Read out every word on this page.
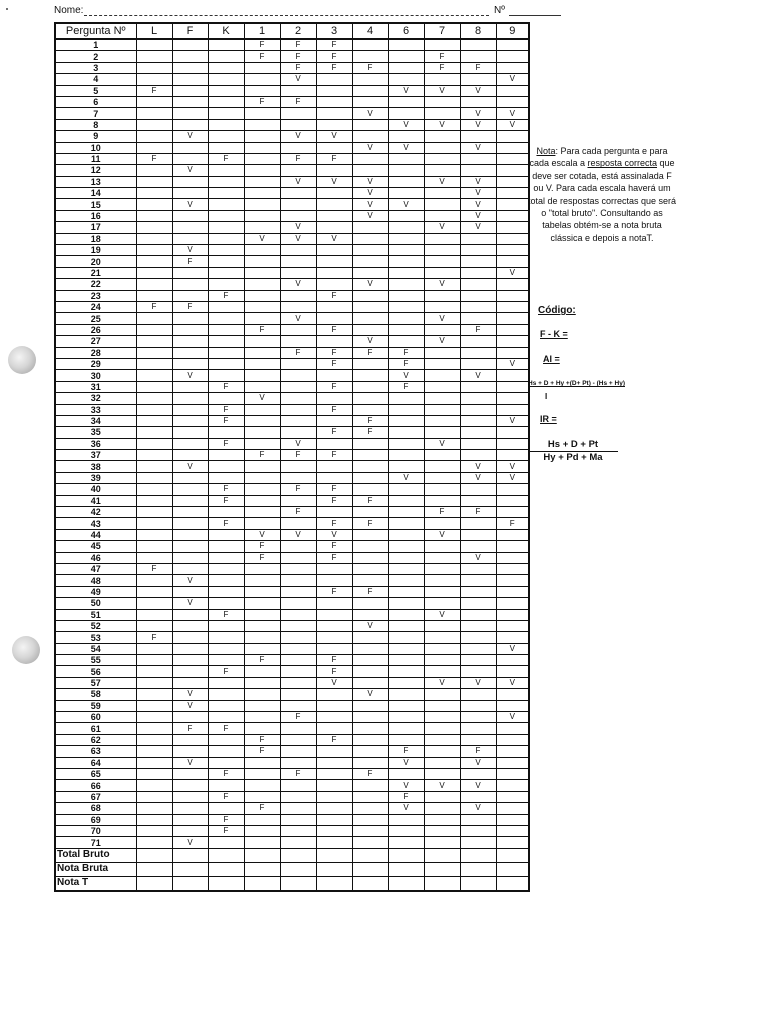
Nome:	Nº
Pergunta Nº	L	F	K	1	2	3	4	6	7	8	9
1				F	F	F					
2				F	F	F			F		
3					F	F	F		F	F	
4					V						V
5	F							V	V	V	
6				F	F						
7							V			V	V
8								V	V	V	V
9		V			V	V					
10							V	V		V	
11	F		F		F	F					
12		V									
13					V	V	V		V	V	
14							V			V	
15		V					V	V		V	
16							V			V	
17					V				V	V	
18				V	V	V					
19		V									
20		F									
21											V
22					V		V		V		
23			F			F					
24	F	F									
25					V				V		
26				F		F				F	
27							V		V		
28					F	F	F	F			
29						F		F			V
30		V						V		V	
31			F			F		F			
32				V							
33			F			F					
34			F				F				V
35						F	F				
36			F		V				V		
37				F	F	F					
38		V								V	V
39								V		V	V
40			F		F	F					
41			F			F	F				
42					F				F	F	
43			F			F	F				F
44				V	V	V			V		
45				F		F					
46				F		F				V	
47	F										
48		V									
49						F	F				
50		V									
51			F						V		
52							V				
53	F										
54											V
55				F		F					
56			F			F					
57						V			V	V	V
58		V					V				
59		V									
60					F						V
61		F	F								
62				F		F					
63				F				F		F	
64		V						V		V	
65			F		F		F				
66								V	V	V	
67			F					F			
68				F				V		V	
69			F								
70			F								
71		V									
Total Bruto											
Nota Bruta											
Nota T											
Nota: Para cada pergunta e para cada escala a resposta correcta que deve ser cotada, está assinalada F ou V. Para cada escala haverá um total de respostas correctas que será o "total bruto". Consultando as tabelas obtém-se a nota bruta clássica e depois a notaT.
Código:
F - K =
AI =
Hs + D + Hy +(D+ Pt) - (Hs + Hy)
I
IR =
$\frac{Hs + D + Pt}{Hy + Pd + Ma}$
